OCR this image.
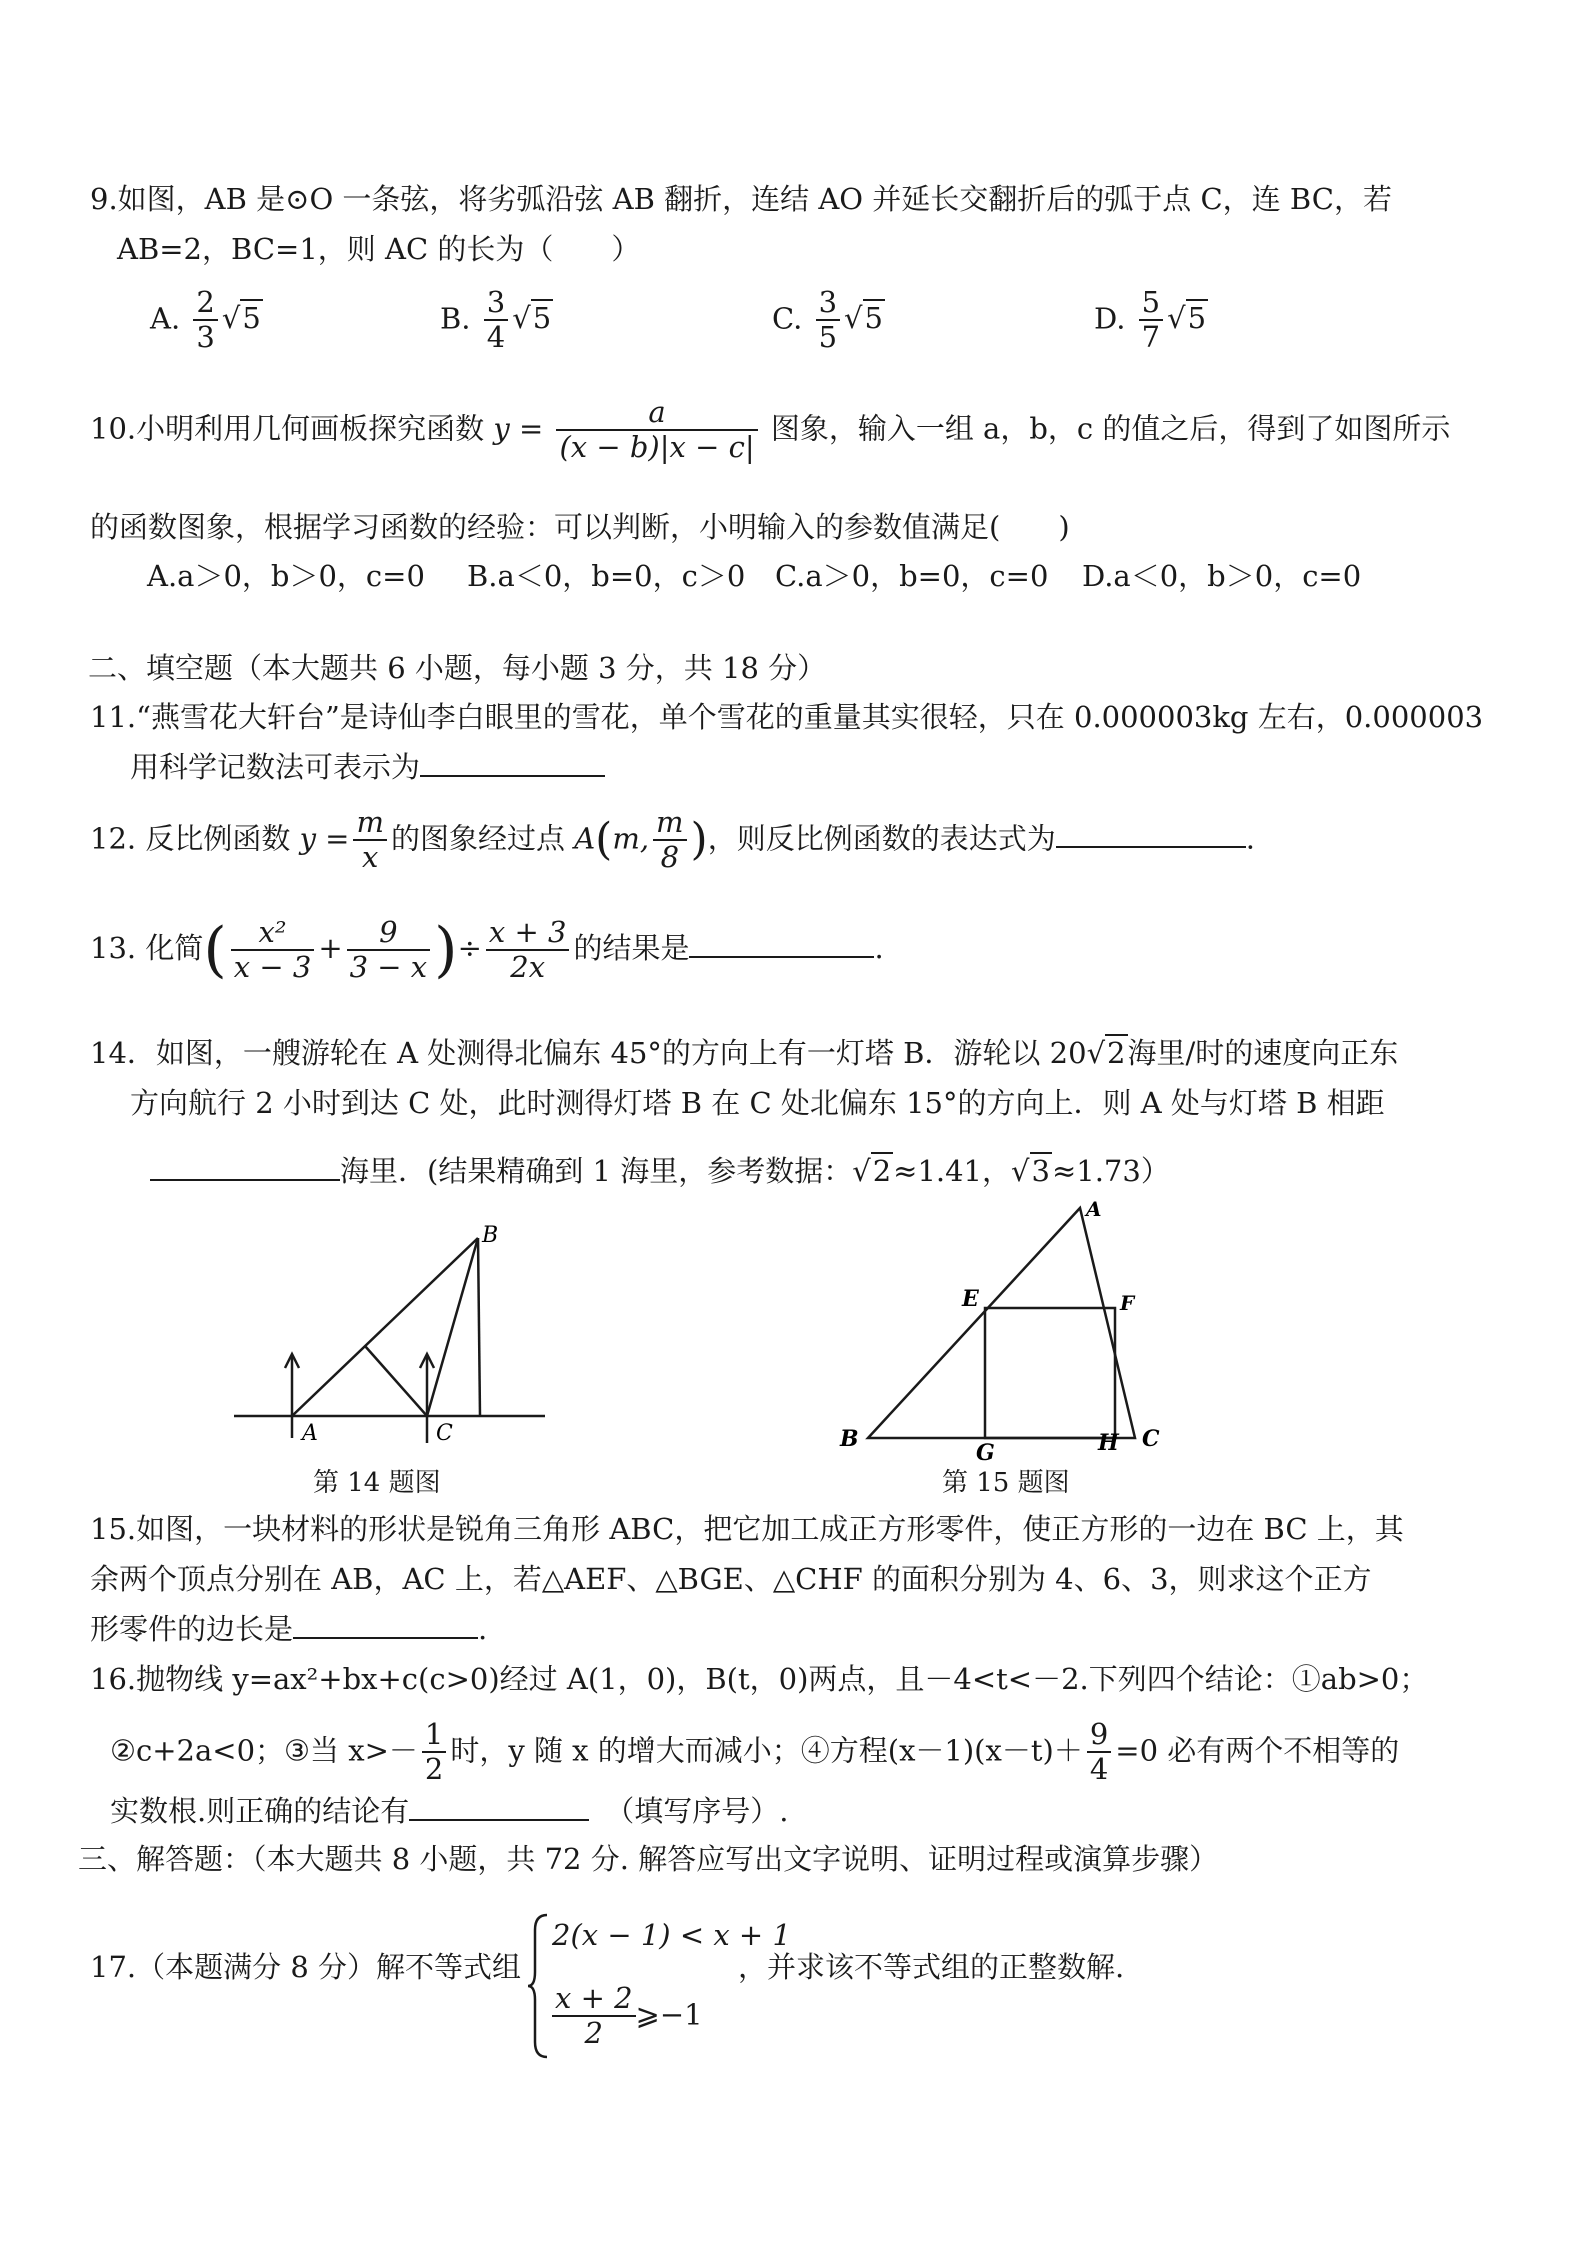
9.如图，AB 是⊙O 一条弦，将劣弧沿弦 AB 翻折，连结 AO 并延长交翻折后的弧于点 C，连 BC，若
AB=2，BC=1，则 AC 的长为（　　）
A. $\frac{2}{3} √5$	B. $\frac{3}{4} √5$	C. $\frac{3}{5} √5$	D. $\frac{5}{7} √5$
10.小明利用几何画板探究函数 $y = \frac{a}{(x - b)|x - c|}$ 图象，输入一组 a，b，c 的值之后，得到了如图所示
的函数图象，根据学习函数的经验：可以判断，小明输入的参数值满足(　　)
A.a＞0，b＞0，c=0 B.a＜0，b=0，c＞0 C.a＞0，b=0，c=0 D.a＜0，b＞0，c=0
二、填空题（本大题共 6 小题，每小题 3 分，共 18 分）
11.“燕雪花大轩台”是诗仙李白眼里的雪花，单个雪花的重量其实很轻，只在 0.000003kg 左右，0.000003
用科学记数法可表示为
12. 反比例函数 $y = \frac{m}{x}$ 的图象经过点 A(m, $\frac{m}{8}$ )，则反比例函数的表达式为	.
13. 化简( $\frac{\text{x²}}{x - 3} + \frac{9}{3 - x}$ )÷ $\frac{x + 3}{2x}$ 的结果是	.
14．如图，一艘游轮在 A 处测得北偏东 45°的方向上有一灯塔 B．游轮以 20√2海里/时的速度向正东
方向航行 2 小时到达 C 处，此时测得灯塔 B 在 C 处北偏东 15°的方向上．则 A 处与灯塔 B 相距
海里．(结果精确到 1 海里，参考数据：√2≈1.41，√3≈1.73）
A	C
B
第 14 题图
A
B	C
E	F
G	H
第 15 题图
15.如图，一块材料的形状是锐角三角形 ABC，把它加工成正方形零件，使正方形的一边在 BC 上，其
余两个顶点分别在 AB，AC 上，若△AEF、△BGE、△CHF 的面积分别为 4、6、3，则求这个正方
形零件的边长是	.
16.抛物线 y=ax²+bx+c(c>0)经过 A(1，0)，B(t，0)两点，且－4<t<－2.下列四个结论：①ab>0；
②c+2a<0；③当 $x>- \frac{1}{2}$ 时，y 随 x 的增大而减小；④方程$(x-1)(x-t)+ \frac{9}{4} =0$ 必有两个不相等的
实数根.则正确的结论有	（填写序号）.
三、解答题：（本大题共 8 小题，共 72 分. 解答应写出文字说明、证明过程或演算步骤）
17.（本题满分 8 分）解不等式组
2(x − 1) < x + 1
$\frac{x + 2}{2}$ ⩾−1
，并求该不等式组的正整数解.
